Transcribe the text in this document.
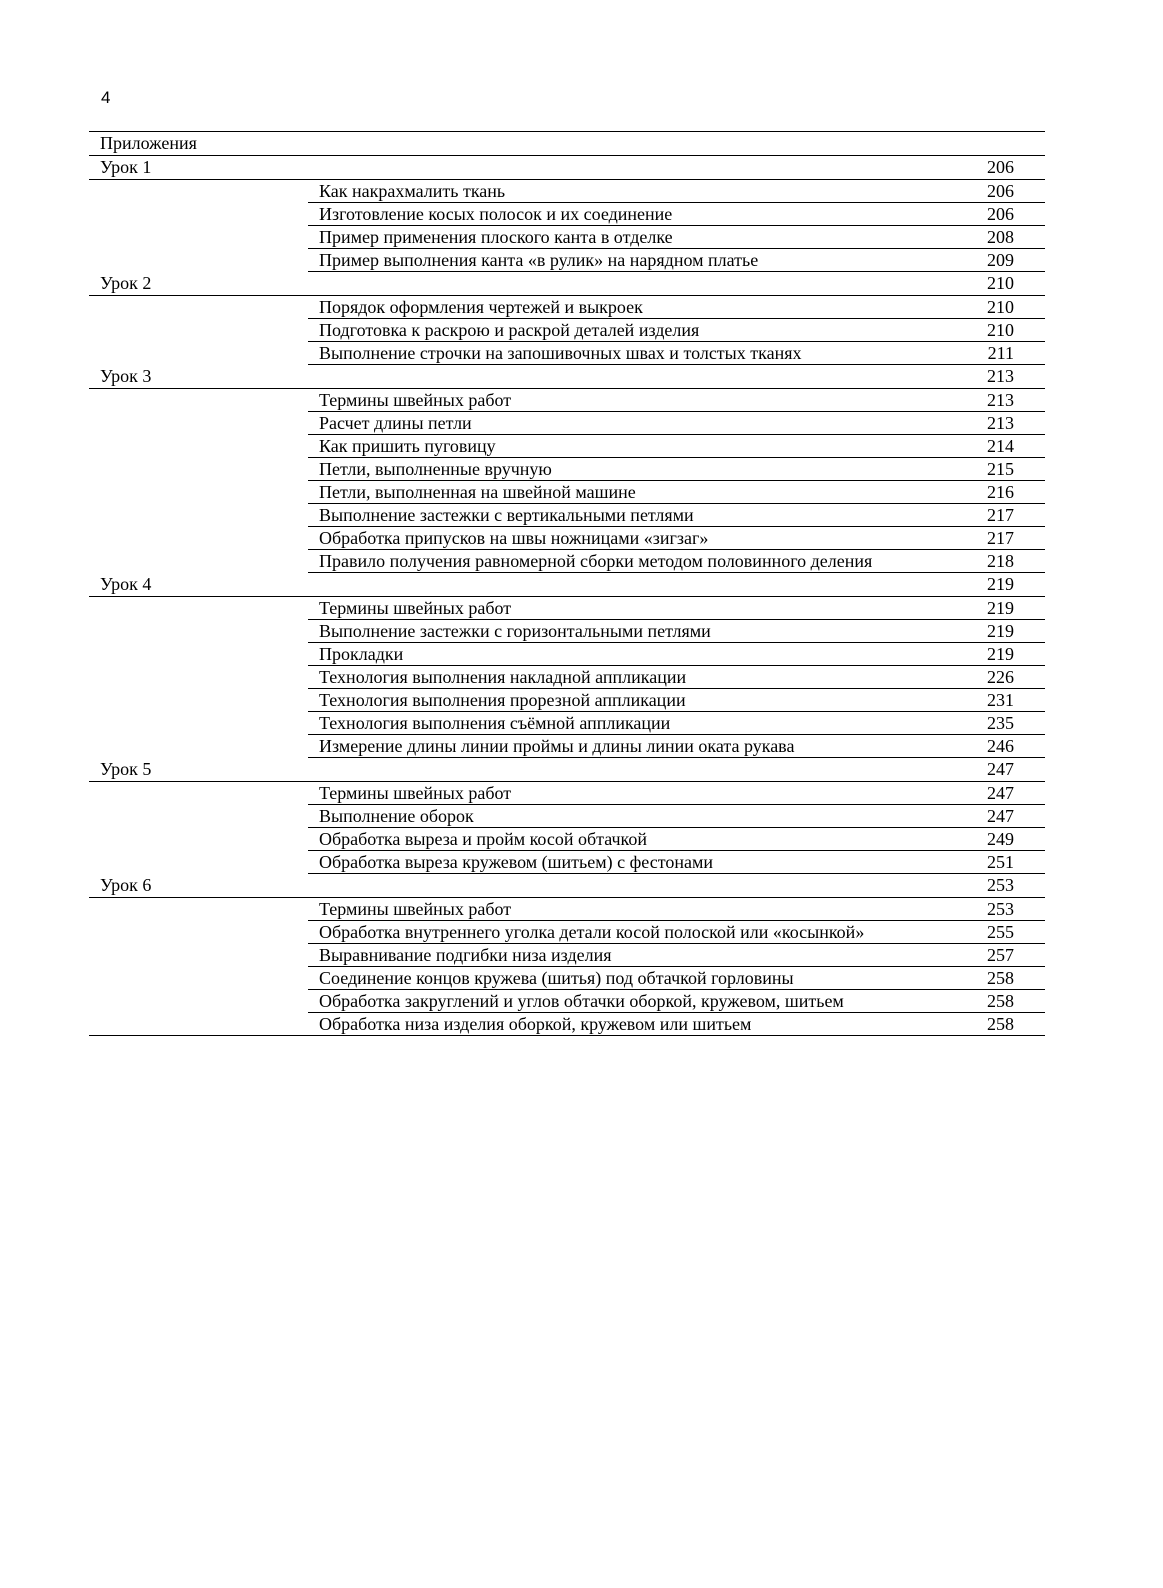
4
Приложения
Урок 1	206
Как накрахмалить ткань	206
Изготовление косых полосок и их соединение	206
Пример применения плоского канта в отделке	208
Пример выполнения канта «в рулик» на нарядном платье	209
Урок 2	210
Порядок оформления чертежей и выкроек	210
Подготовка к раскрою и раскрой деталей изделия	210
Выполнение строчки на запошивочных швах и толстых тканях	211
Урок 3	213
Термины швейных работ	213
Расчет длины петли	213
Как пришить пуговицу	214
Петли, выполненные вручную	215
Петли, выполненная на швейной машине	216
Выполнение застежки с вертикальными петлями	217
Обработка припусков на швы ножницами «зигзаг»	217
Правило получения равномерной сборки методом половинного деления	218
Урок 4	219
Термины швейных работ	219
Выполнение застежки с горизонтальными петлями	219
Прокладки	219
Технология выполнения накладной аппликации	226
Технология выполнения прорезной аппликации	231
Технология выполнения съёмной аппликации	235
Измерение длины линии проймы и длины линии оката рукава	246
Урок 5	247
Термины швейных работ	247
Выполнение оборок	247
Обработка выреза и пройм косой обтачкой	249
Обработка выреза кружевом (шитьем) с фестонами	251
Урок 6	253
Термины швейных работ	253
Обработка внутреннего уголка детали косой полоской или «косынкой»	255
Выравнивание подгибки низа изделия	257
Соединение концов кружева (шитья) под обтачкой горловины	258
Обработка закруглений и углов обтачки оборкой, кружевом, шитьем	258
Обработка низа изделия оборкой, кружевом или шитьем	258
